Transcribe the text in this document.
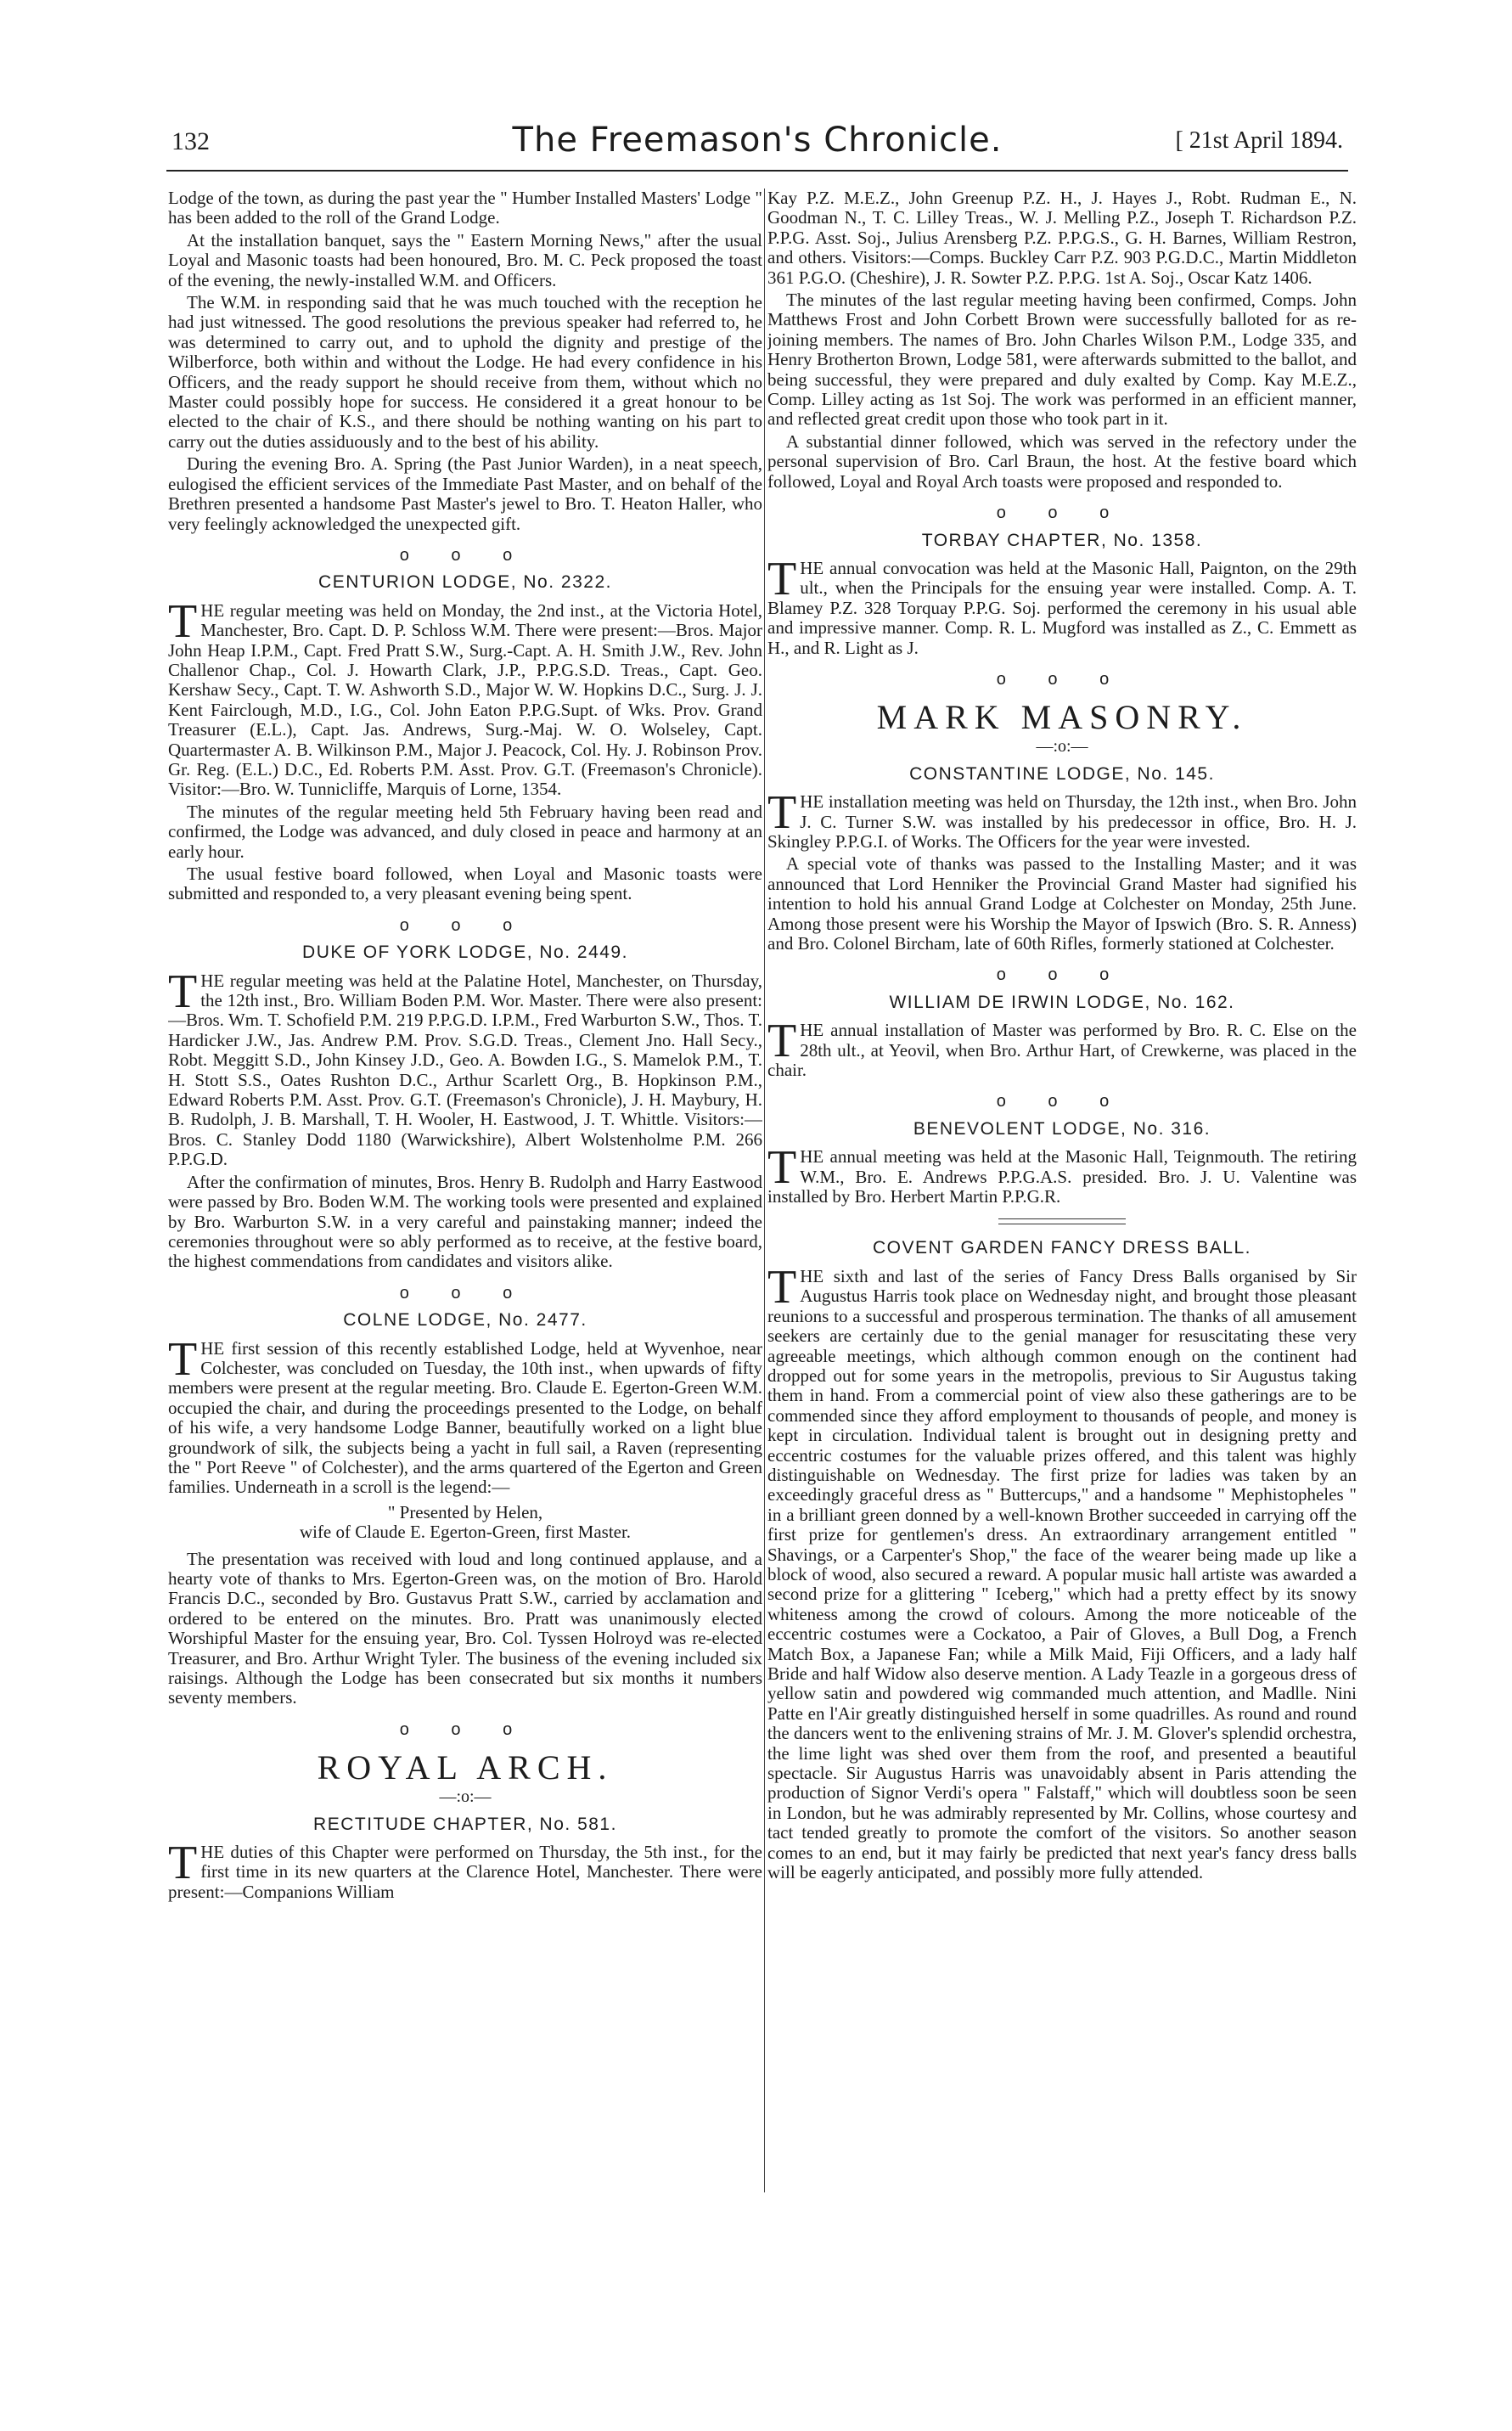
132	The Freemason's Chronicle.	[ 21st April 1894.

Lodge of the town, as during the past year the " Humber Installed Masters' Lodge " has been added to the roll of the Grand Lodge.

At the installation banquet, says the " Eastern Morning News," after the usual Loyal and Masonic toasts had been honoured, Bro. M. C. Peck proposed the toast of the evening, the newly-installed W.M. and Officers.

The W.M. in responding said that he was much touched with the reception he had just witnessed. The good resolutions the previous speaker had referred to, he was determined to carry out, and to uphold the dignity and prestige of the Wilberforce, both within and without the Lodge. He had every confidence in his Officers, and the ready support he should receive from them, without which no Master could possibly hope for success. He considered it a great honour to be elected to the chair of K.S., and there should be nothing wanting on his part to carry out the duties assiduously and to the best of his ability.

During the evening Bro. A. Spring (the Past Junior Warden), in a neat speech, eulogised the efficient services of the Immediate Past Master, and on behalf of the Brethren presented a handsome Past Master's jewel to Bro. T. Heaton Haller, who very feelingly acknowledged the unexpected gift.

o o o
CENTURION LODGE, No. 2322.

THE regular meeting was held on Monday, the 2nd inst., at the Victoria Hotel, Manchester, Bro. Capt. D. P. Schloss W.M. There were present:—Bros. Major John Heap I.P.M., Capt. Fred Pratt S.W., Surg.-Capt. A. H. Smith J.W., Rev. John Challenor Chap., Col. J. Howarth Clark, J.P., P.P.G.S.D. Treas., Capt. Geo. Kershaw Secy., Capt. T. W. Ashworth S.D., Major W. W. Hopkins D.C., Surg. J. J. Kent Fairclough, M.D., I.G., Col. John Eaton P.P.G.Supt. of Wks. Prov. Grand Treasurer (E.L.), Capt. Jas. Andrews, Surg.-Maj. W. O. Wolseley, Capt. Quartermaster A. B. Wilkinson P.M., Major J. Peacock, Col. Hy. J. Robinson Prov. Gr. Reg. (E.L.) D.C., Ed. Roberts P.M. Asst. Prov. G.T. (Freemason's Chronicle). Visitor:—Bro. W. Tunnicliffe, Marquis of Lorne, 1354.

The minutes of the regular meeting held 5th February having been read and confirmed, the Lodge was advanced, and duly closed in peace and harmony at an early hour.

The usual festive board followed, when Loyal and Masonic toasts were submitted and responded to, a very pleasant evening being spent.

o o o
DUKE OF YORK LODGE, No. 2449.

THE regular meeting was held at the Palatine Hotel, Manchester, on Thursday, the 12th inst., Bro. William Boden P.M. Wor. Master. There were also present:—Bros. Wm. T. Schofield P.M. 219 P.P.G.D. I.P.M., Fred Warburton S.W., Thos. T. Hardicker J.W., Jas. Andrew P.M. Prov. S.G.D. Treas., Clement Jno. Hall Secy., Robt. Meggitt S.D., John Kinsey J.D., Geo. A. Bowden I.G., S. Mamelok P.M., T. H. Stott S.S., Oates Rushton D.C., Arthur Scarlett Org., B. Hopkinson P.M., Edward Roberts P.M. Asst. Prov. G.T. (Freemason's Chronicle), J. H. Maybury, H. B. Rudolph, J. B. Marshall, T. H. Wooler, H. Eastwood, J. T. Whittle. Visitors:—Bros. C. Stanley Dodd 1180 (Warwickshire), Albert Wolstenholme P.M. 266 P.P.G.D.

After the confirmation of minutes, Bros. Henry B. Rudolph and Harry Eastwood were passed by Bro. Boden W.M. The working tools were presented and explained by Bro. Warburton S.W. in a very careful and painstaking manner; indeed the ceremonies throughout were so ably performed as to receive, at the festive board, the highest commendations from candidates and visitors alike.

o o o
COLNE LODGE, No. 2477.

THE first session of this recently established Lodge, held at Wyvenhoe, near Colchester, was concluded on Tuesday, the 10th inst., when upwards of fifty members were present at the regular meeting. Bro. Claude E. Egerton-Green W.M. occupied the chair, and during the proceedings presented to the Lodge, on behalf of his wife, a very handsome Lodge Banner, beautifully worked on a light blue groundwork of silk, the subjects being a yacht in full sail, a Raven (representing the " Port Reeve " of Colchester), and the arms quartered of the Egerton and Green families. Underneath in a scroll is the legend:—

" Presented by Helen,
wife of Claude E. Egerton-Green, first Master.

The presentation was received with loud and long continued applause, and a hearty vote of thanks to Mrs. Egerton-Green was, on the motion of Bro. Harold Francis D.C., seconded by Bro. Gustavus Pratt S.W., carried by acclamation and ordered to be entered on the minutes. Bro. Pratt was unanimously elected Worshipful Master for the ensuing year, Bro. Col. Tyssen Holroyd was re-elected Treasurer, and Bro. Arthur Wright Tyler. The business of the evening included six raisings. Although the Lodge has been consecrated but six months it numbers seventy members.

o o o
ROYAL ARCH.
—:o:—
RECTITUDE CHAPTER, No. 581.

THE duties of this Chapter were performed on Thursday, the 5th inst., for the first time in its new quarters at the Clarence Hotel, Manchester. There were present:—Companions William

Kay P.Z. M.E.Z., John Greenup P.Z. H., J. Hayes J., Robt. Rudman E., N. Goodman N., T. C. Lilley Treas., W. J. Melling P.Z., Joseph T. Richardson P.Z. P.P.G. Asst. Soj., Julius Arensberg P.Z. P.P.G.S., G. H. Barnes, William Restron, and others. Visitors:—Comps. Buckley Carr P.Z. 903 P.G.D.C., Martin Middleton 361 P.G.O. (Cheshire), J. R. Sowter P.Z. P.P.G. 1st A. Soj., Oscar Katz 1406.

The minutes of the last regular meeting having been confirmed, Comps. John Matthews Frost and John Corbett Brown were successfully balloted for as re-joining members. The names of Bro. John Charles Wilson P.M., Lodge 335, and Henry Brotherton Brown, Lodge 581, were afterwards submitted to the ballot, and being successful, they were prepared and duly exalted by Comp. Kay M.E.Z., Comp. Lilley acting as 1st Soj. The work was performed in an efficient manner, and reflected great credit upon those who took part in it.

A substantial dinner followed, which was served in the refectory under the personal supervision of Bro. Carl Braun, the host. At the festive board which followed, Loyal and Royal Arch toasts were proposed and responded to.

o o o
TORBAY CHAPTER, No. 1358.

THE annual convocation was held at the Masonic Hall, Paignton, on the 29th ult., when the Principals for the ensuing year were installed. Comp. A. T. Blamey P.Z. 328 Torquay P.P.G. Soj. performed the ceremony in his usual able and impressive manner. Comp. R. L. Mugford was installed as Z., C. Emmett as H., and R. Light as J.

o o o
MARK MASONRY.
—:o:—
CONSTANTINE LODGE, No. 145.

THE installation meeting was held on Thursday, the 12th inst., when Bro. John J. C. Turner S.W. was installed by his predecessor in office, Bro. H. J. Skingley P.P.G.I. of Works. The Officers for the year were invested.

A special vote of thanks was passed to the Installing Master; and it was announced that Lord Henniker the Provincial Grand Master had signified his intention to hold his annual Grand Lodge at Colchester on Monday, 25th June. Among those present were his Worship the Mayor of Ipswich (Bro. S. R. Anness) and Bro. Colonel Bircham, late of 60th Rifles, formerly stationed at Colchester.

o o o
WILLIAM DE IRWIN LODGE, No. 162.

THE annual installation of Master was performed by Bro. R. C. Else on the 28th ult., at Yeovil, when Bro. Arthur Hart, of Crewkerne, was placed in the chair.

o o o
BENEVOLENT LODGE, No. 316.

THE annual meeting was held at the Masonic Hall, Teignmouth. The retiring W.M., Bro. E. Andrews P.P.G.A.S. presided. Bro. J. U. Valentine was installed by Bro. Herbert Martin P.P.G.R.

COVENT GARDEN FANCY DRESS BALL.

THE sixth and last of the series of Fancy Dress Balls organised by Sir Augustus Harris took place on Wednesday night, and brought those pleasant reunions to a successful and prosperous termination. The thanks of all amusement seekers are certainly due to the genial manager for resuscitating these very agreeable meetings, which although common enough on the continent had dropped out for some years in the metropolis, previous to Sir Augustus taking them in hand. From a commercial point of view also these gatherings are to be commended since they afford employment to thousands of people, and money is kept in circulation. Individual talent is brought out in designing pretty and eccentric costumes for the valuable prizes offered, and this talent was highly distinguishable on Wednesday. The first prize for ladies was taken by an exceedingly graceful dress as " Buttercups," and a handsome " Mephistopheles " in a brilliant green donned by a well-known Brother succeeded in carrying off the first prize for gentlemen's dress. An extraordinary arrangement entitled " Shavings, or a Carpenter's Shop," the face of the wearer being made up like a block of wood, also secured a reward. A popular music hall artiste was awarded a second prize for a glittering " Iceberg," which had a pretty effect by its snowy whiteness among the crowd of colours. Among the more noticeable of the eccentric costumes were a Cockatoo, a Pair of Gloves, a Bull Dog, a French Match Box, a Japanese Fan; while a Milk Maid, Fiji Officers, and a lady half Bride and half Widow also deserve mention. A Lady Teazle in a gorgeous dress of yellow satin and powdered wig commanded much attention, and Madlle. Nini Patte en l'Air greatly distinguished herself in some quadrilles. As round and round the dancers went to the enlivening strains of Mr. J. M. Glover's splendid orchestra, the lime light was shed over them from the roof, and presented a beautiful spectacle. Sir Augustus Harris was unavoidably absent in Paris attending the production of Signor Verdi's opera " Falstaff," which will doubtless soon be seen in London, but he was admirably represented by Mr. Collins, whose courtesy and tact tended greatly to promote the comfort of the visitors. So another season comes to an end, but it may fairly be predicted that next year's fancy dress balls will be eagerly anticipated, and possibly more fully attended.
